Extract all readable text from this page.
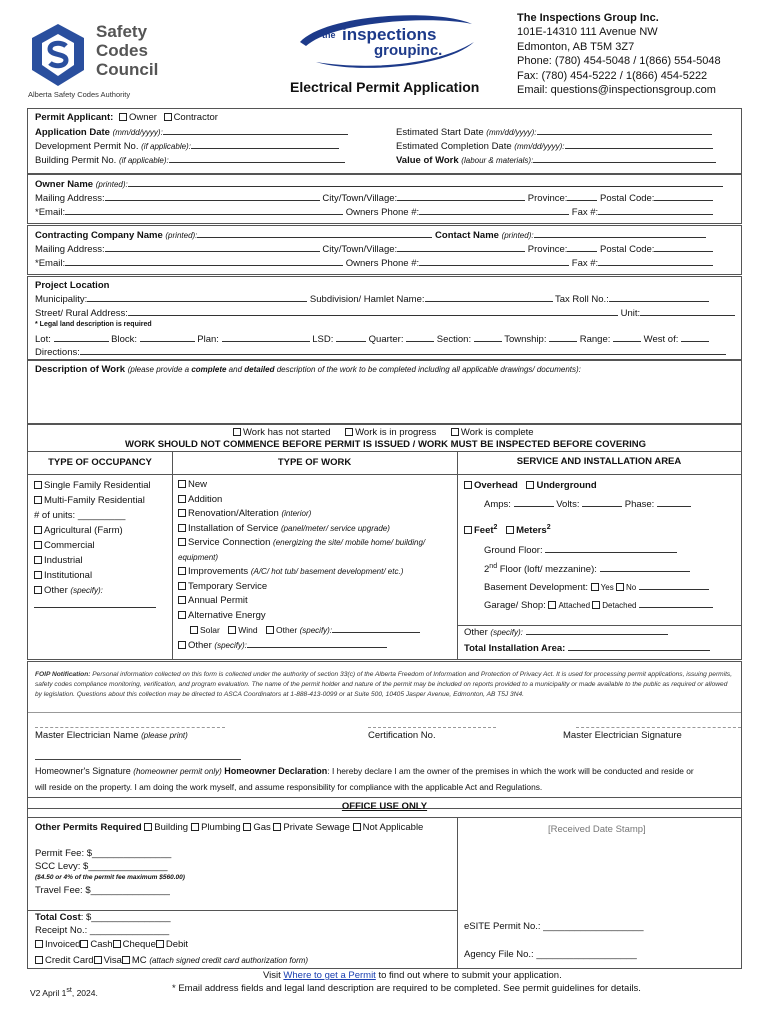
Safety
Codes
Council
Alberta Safety Codes Authority
the inspections
groupinc.
Electrical Permit Application
The Inspections Group Inc.
101E-14310 111 Avenue NW
Edmonton, AB T5M 3Z7
Phone: (780) 454-5048 / 1(866) 554-5048
Fax: (780) 454-5222 / 1(866) 454-5222
Email: questions@inspectionsgroup.com
Permit Applicant: Owner Contractor
Application Date (mm/dd/yyyy):
Development Permit No. (if applicable):
Building Permit No. (if applicable):
Estimated Start Date (mm/dd/yyyy):
Estimated Completion Date (mm/dd/yyyy):
Value of Work (labour & materials):
Owner Name (printed):
Mailing Address:	City/Town/Village:	Province:	Postal Code:
*Email:	Owners Phone #:	Fax #:
Contracting Company Name (printed):	Contact Name (printed):
Mailing Address:	City/Town/Village:	Province:	Postal Code:
*Email:	Owners Phone #:	Fax #:
Project Location
Municipality:	Subdivision/ Hamlet Name:	Tax Roll No.:
Street/ Rural Address:	Unit:
* Legal land description is required
Lot:	Block:	Plan:	LSD:	Quarter:	Section:	Township:	Range:	West of:
Directions:
Description of Work (please provide a complete and detailed description of the work to be completed including all applicable drawings/ documents):
Work has not started	Work is in progress	Work is complete
WORK SHOULD NOT COMMENCE BEFORE PERMIT IS ISSUED / WORK MUST BE INSPECTED BEFORE COVERING
TYPE OF OCCUPANCY	TYPE OF WORK	SERVICE AND INSTALLATION AREA
Single Family Residential
Multi-Family Residential
# of units: _________
Agricultural (Farm)
Commercial
Industrial
Institutional
Other (specify):
New
Addition
Renovation/Alteration (interior)
Installation of Service (panel/meter/ service upgrade)
Service Connection (energizing the site/ mobile home/ building/
equipment)
Improvements (A/C/ hot tub/ basement development/ etc.)
Temporary Service
Annual Permit
Alternative Energy
Solar Wind Other (specify):
Other (specify):
Overhead Underground
Amps:	Volts:	Phase:
Feet$^2$ Meters$^2$
Ground Floor:
2nd Floor (loft/ mezzanine):
Basement Development: Yes No
Garage/ Shop: Attached Detached
Other (specify):
Total Installation Area:
FOIP Notification: Personal information collected on this form is collected under the authority of section 33(c) of the Alberta Freedom of Information and Protection of Privacy Act. It is used for processing permit applications, issuing permits, safety codes compliance monitoring, verification, and program evaluation. The name of the permit holder and nature of the permit may be included on reports provided to a municipality or made available to the public as required or allowed by legislation. Questions about this collection may be directed to ASCA Coordinators at 1-888-413-0099 or at Suite 500, 10405 Jasper Avenue, Edmonton, AB T5J 3N4.
Master Electrician Name (please print)	Certification No.	Master Electrician Signature
Homeowner's Signature (homeowner permit only) Homeowner Declaration: I hereby declare I am the owner of the premises in which the work will be conducted and reside or
will reside on the property. I am doing the work myself, and assume responsibility for compliance with the applicable Act and Regulations.
OFFICE USE ONLY
Other Permits Required Building Plumbing Gas Private Sewage Not Applicable	[Received Date Stamp]
Permit Fee: $_______________
SCC Levy: $_______________
($4.50 or 4% of the permit fee maximum $560.00)
Travel Fee: $_______________
Total Cost: $_______________
Receipt No.: _______________
Invoiced Cash Cheque Debit
Credit Card Visa MC (attach signed credit card authorization form)
eSITE Permit No.: ___________________
Agency File No.: ___________________
Visit Where to get a Permit to find out where to submit your application.
V2 April 1st, 2024.	* Email address fields and legal land description are required to be completed. See permit guidelines for details.
